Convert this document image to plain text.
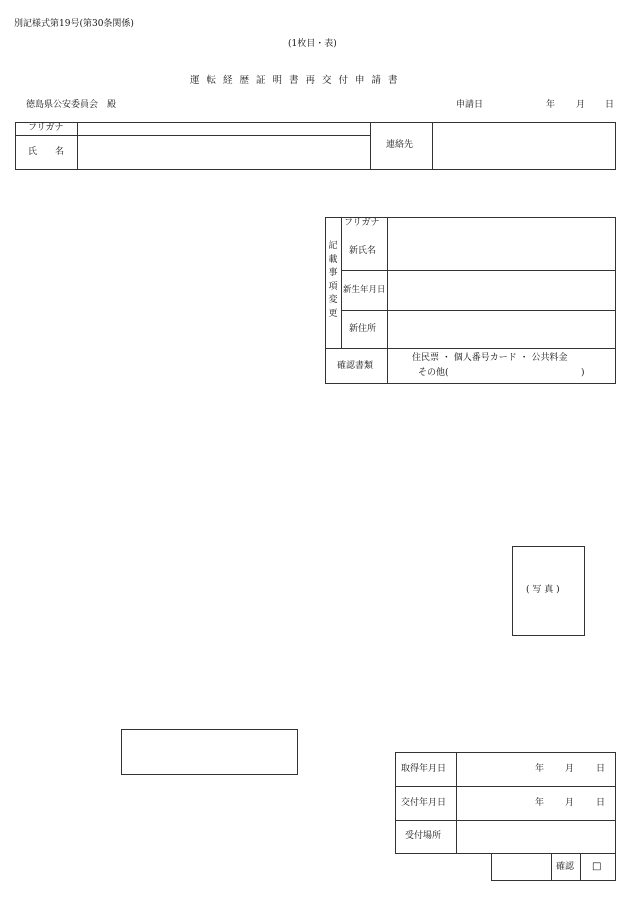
別記様式第19号(第30条関係)
(1枚目・表)
運転経歴証明書再交付申請書
徳島県公安委員会　殿	申請日	年 月 日
フリガナ
氏　　名
連絡先
記載事項変更
フリガナ
新氏名
新生年月日
新住所
確認書類
住民票 ・ 個人番号カード ・ 公共料金
その他(	)
( 写 真 )
取得年月日	年 月 日
交付年月日	年 月 日
受付場所
確認 □
